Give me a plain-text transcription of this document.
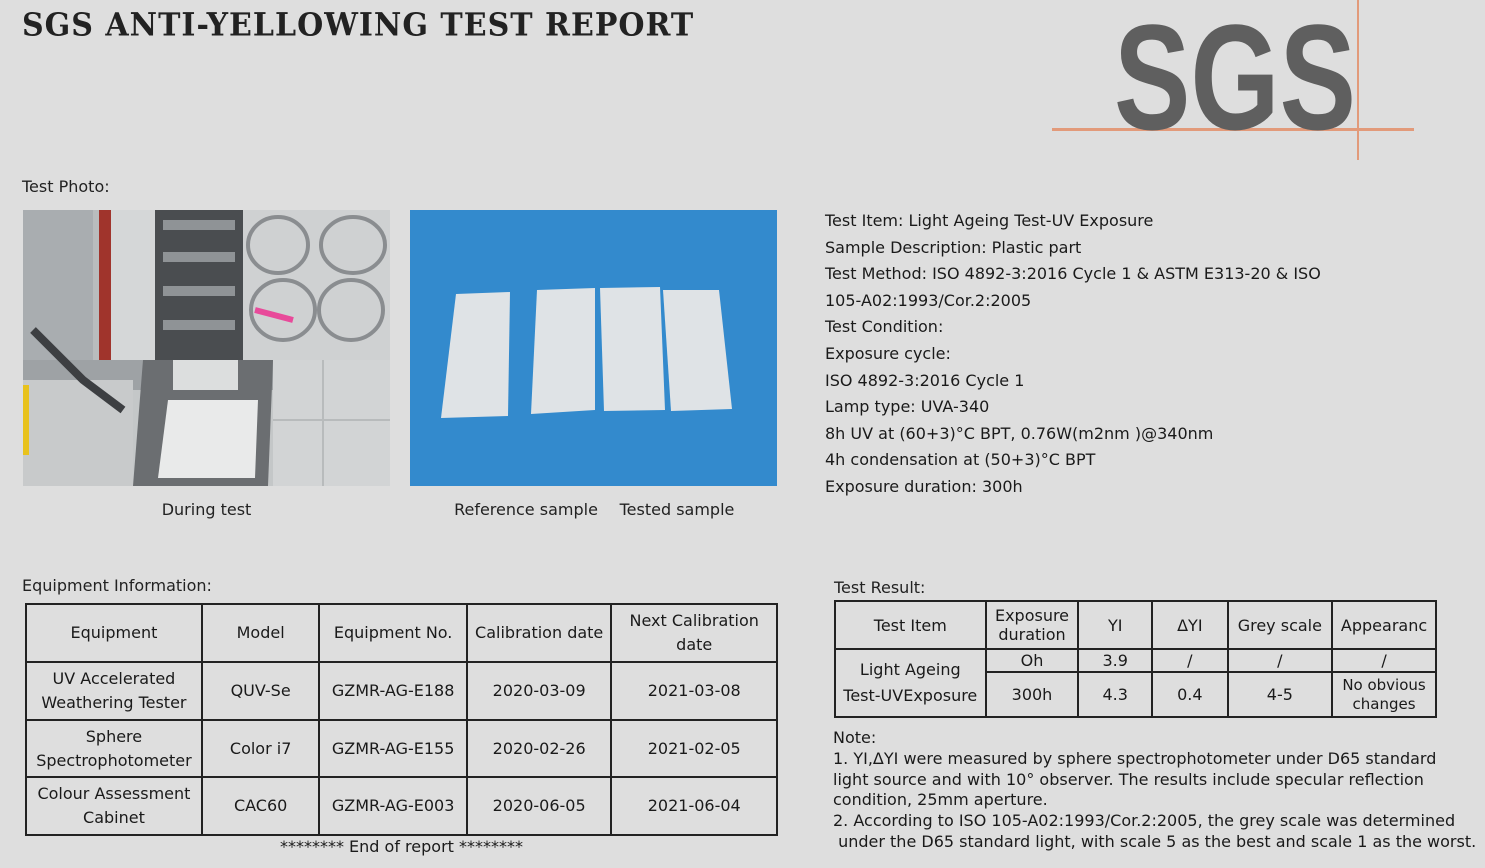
SGS ANTI-YELLOWING TEST REPORT	SGS
Test Photo:
During test	Reference sample	Tested sample
Test Item: Light Ageing Test-UV Exposure
Sample Description: Plastic part
Test Method: ISO 4892-3:2016 Cycle 1 & ASTM E313-20 & ISO
105-A02:1993/Cor.2:2005
Test Condition:
Exposure cycle:
ISO 4892-3:2016 Cycle 1
Lamp type: UVA-340
8h UV at (60+3)°C BPT, 0.76W(m2nm )@340nm
4h condensation at (50+3)°C BPT
Exposure duration: 300h
Equipment Information:
Equipment	Model	Equipment No.	Calibration date	Next Calibration date
UV Accelerated Weathering Tester	QUV-Se	GZMR-AG-E188	2020-03-09	2021-03-08
Sphere Spectrophotometer	Color i7	GZMR-AG-E155	2020-02-26	2021-02-05
Colour Assessment Cabinet	CAC60	GZMR-AG-E003	2020-06-05	2021-06-04
******** End of report ********
Test Result:
Test Item	Exposure duration	YI	ΔYI	Grey scale	Appearanc
Light Ageing Test-UVExposure	Oh	3.9	/	/	/
	300h	4.3	0.4	4-5	No obvious changes
Note:
1. YI,ΔYI were measured by sphere spectrophotometer under D65 standard
light source and with 10° observer. The results include specular reflection
condition, 25mm aperture.
2. According to ISO 105-A02:1993/Cor.2:2005, the grey scale was determined
under the D65 standard light, with scale 5 as the best and scale 1 as the worst.
